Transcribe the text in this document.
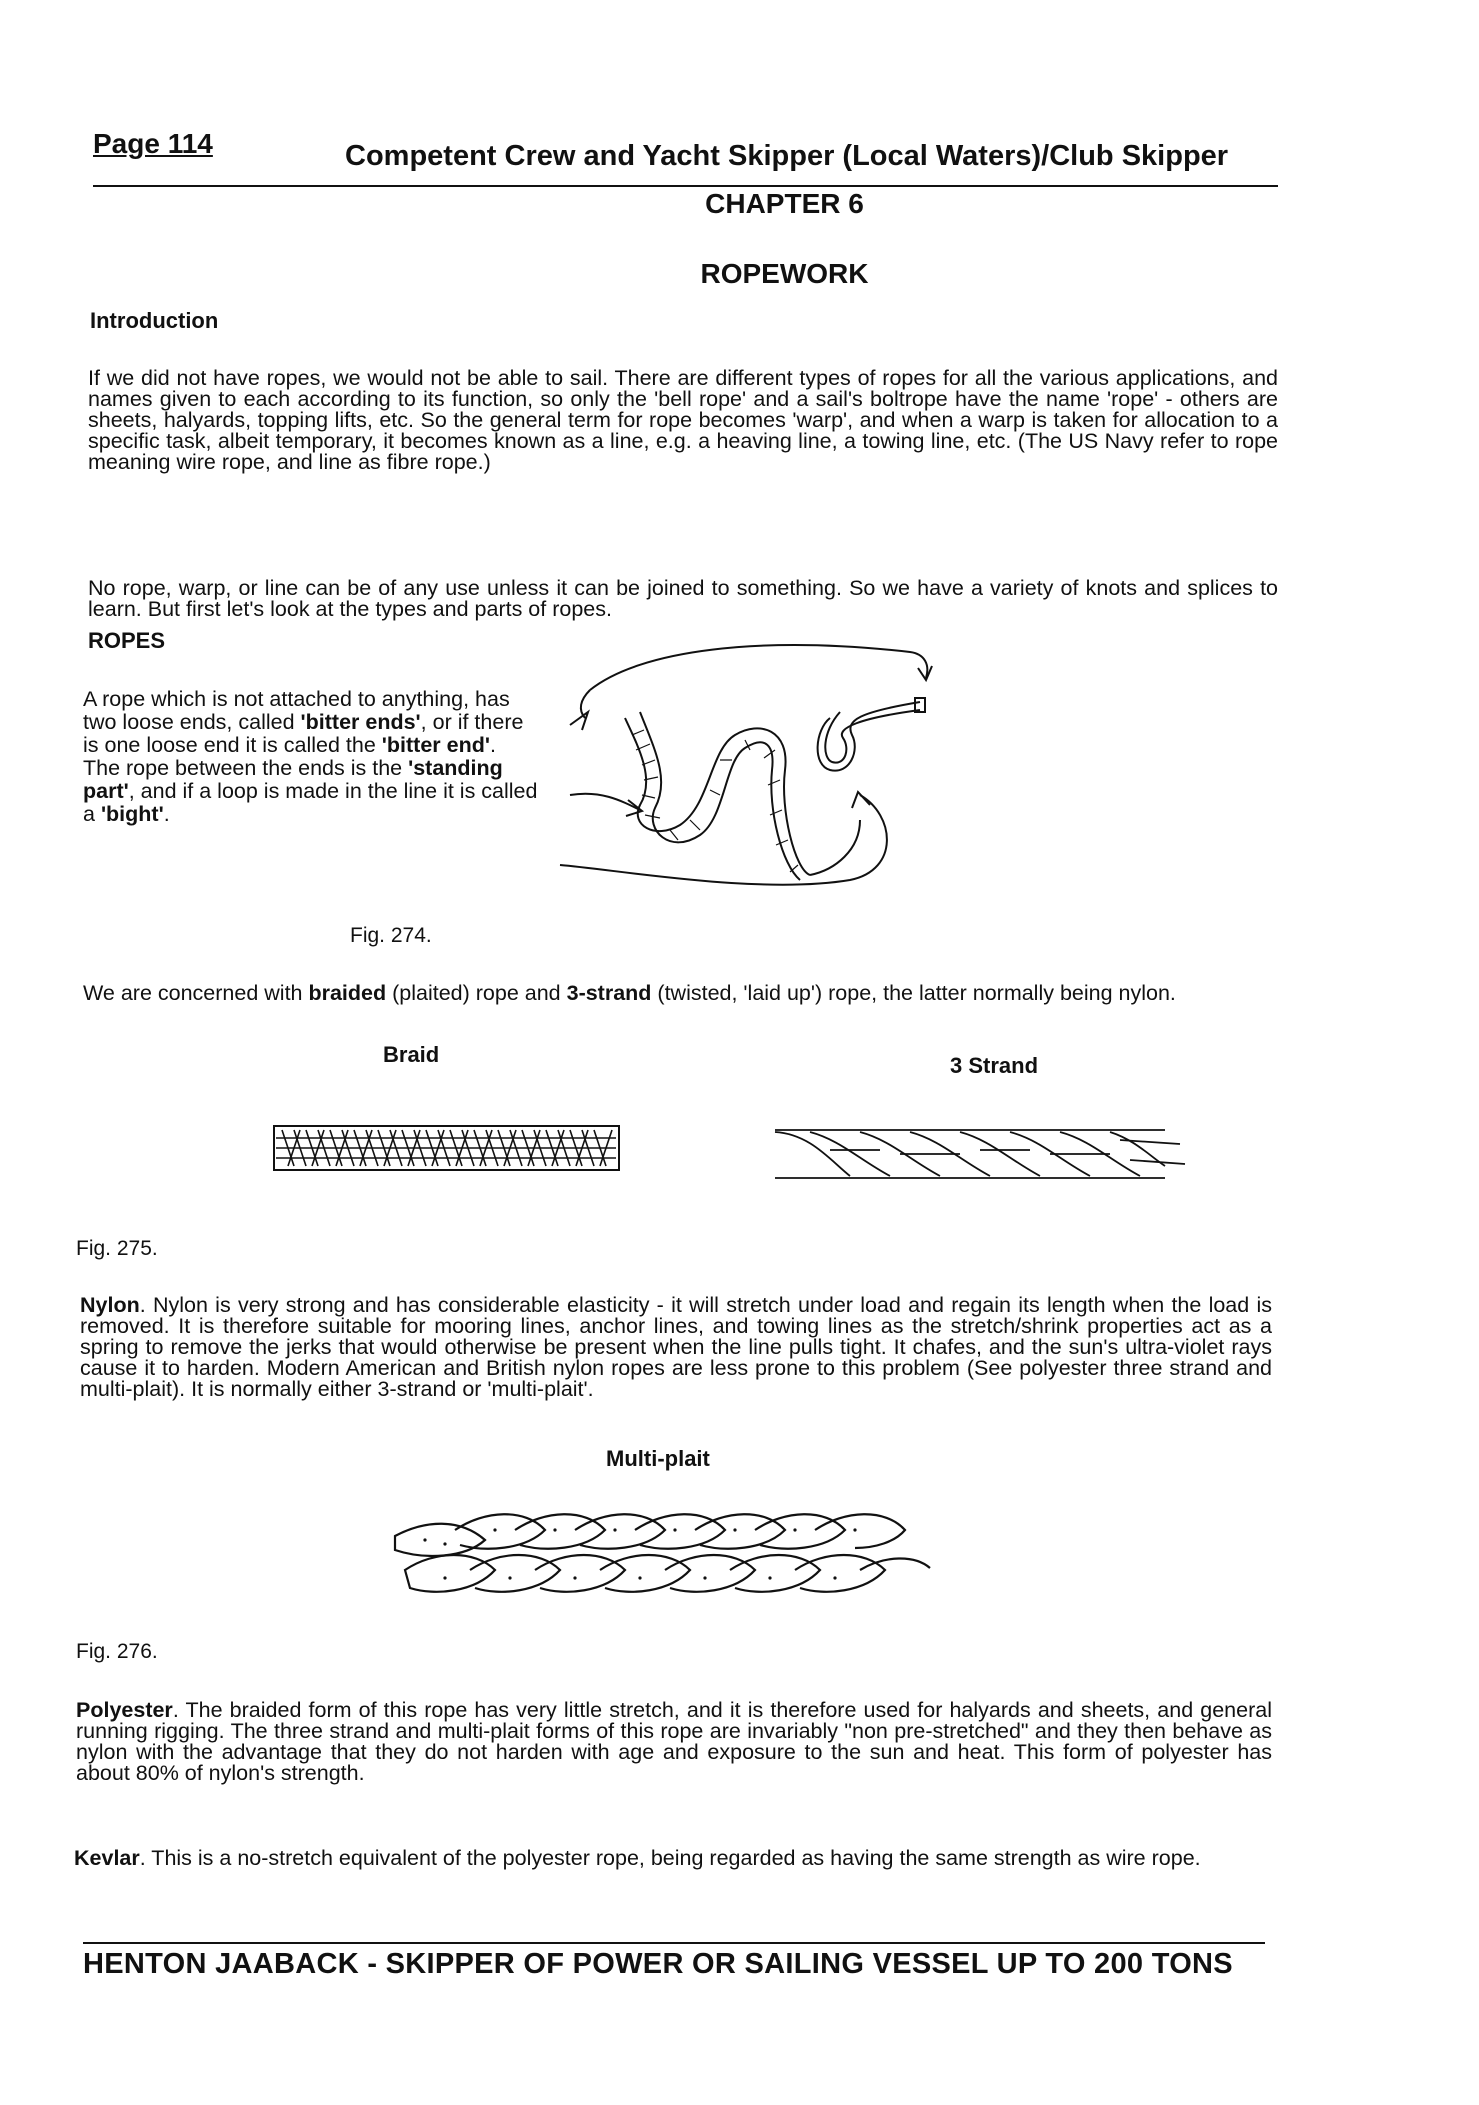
Page 114	Competent Crew and Yacht Skipper (Local Waters)/Club Skipper
CHAPTER 6
ROPEWORK
Introduction
If we did not have ropes, we would not be able to sail. There are different types of ropes for all the various applications, and names given to each according to its function, so only the 'bell rope' and a sail's boltrope have the name 'rope' - others are sheets, halyards, topping lifts, etc. So the general term for rope becomes 'warp', and when a warp is taken for allocation to a specific task, albeit temporary, it becomes known as a line, e.g. a heaving line, a towing line, etc. (The US Navy refer to rope meaning wire rope, and line as fibre rope.)
No rope, warp, or line can be of any use unless it can be joined to something. So we have a variety of knots and splices to learn. But first let's look at the types and parts of ropes.
ROPES
A rope which is not attached to anything, has two loose ends, called 'bitter ends', or if there is one loose end it is called the 'bitter end'. The rope between the ends is the 'standing part', and if a loop is made in the line it is called a 'bight'.
Fig. 274.
We are concerned with braided (plaited) rope and 3-strand (twisted, 'laid up') rope, the latter normally being nylon.
Braid	3 Strand
Fig. 275.
Nylon. Nylon is very strong and has considerable elasticity - it will stretch under load and regain its length when the load is removed. It is therefore suitable for mooring lines, anchor lines, and towing lines as the stretch/shrink properties act as a spring to remove the jerks that would otherwise be present when the line pulls tight. It chafes, and the sun's ultra-violet rays cause it to harden. Modern American and British nylon ropes are less prone to this problem (See polyester three strand and multi-plait). It is normally either 3-strand or 'multi-plait'.
Multi-plait
Fig. 276.
Polyester. The braided form of this rope has very little stretch, and it is therefore used for halyards and sheets, and general running rigging. The three strand and multi-plait forms of this rope are invariably "non pre-stretched" and they then behave as nylon with the advantage that they do not harden with age and exposure to the sun and heat. This form of polyester has about 80% of nylon's strength.
Kevlar. This is a no-stretch equivalent of the polyester rope, being regarded as having the same strength as wire rope.
HENTON JAABACK - SKIPPER OF POWER OR SAILING VESSEL UP TO 200 TONS
